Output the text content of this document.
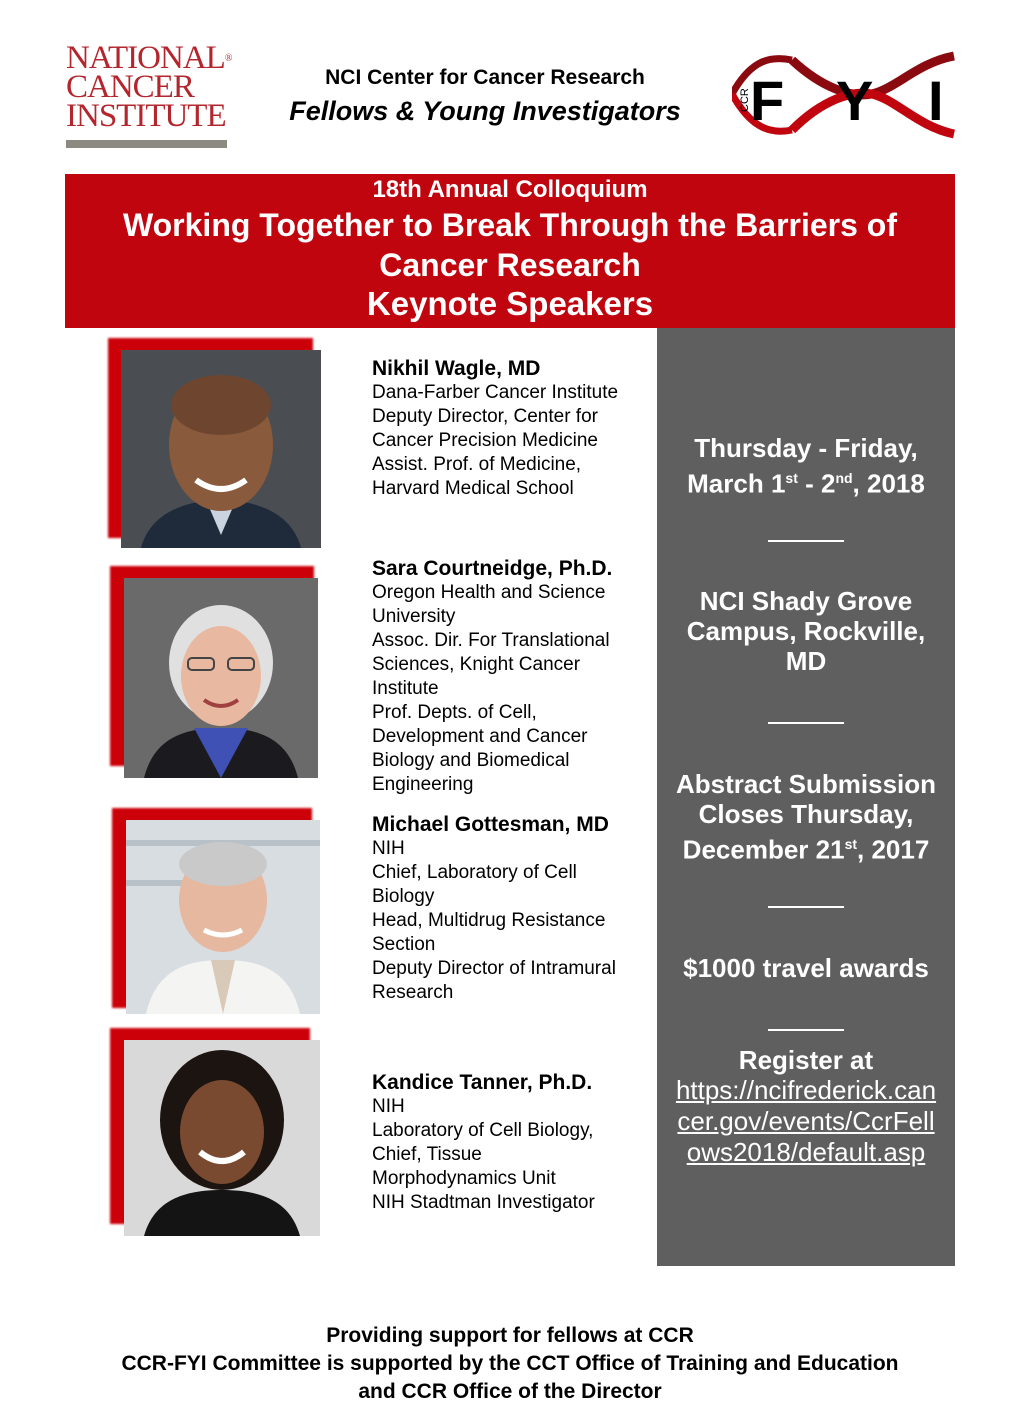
NATIONAL®
CANCER
INSTITUTE
NCI Center for Cancer Research
Fellows & Young Investigators	CCR F Y I
18th Annual Colloquium
Working Together to Break Through the Barriers of Cancer Research
Keynote Speakers
Nikhil Wagle, MD
Dana-Farber Cancer Institute
Deputy Director, Center for
Cancer Precision Medicine
Assist. Prof. of Medicine,
Harvard Medical School
Sara Courtneidge, Ph.D.
Oregon Health and Science
University
Assoc. Dir. For Translational
Sciences, Knight Cancer
Institute
Prof. Depts. of Cell,
Development and Cancer
Biology and Biomedical
Engineering
Michael Gottesman, MD
NIH
Chief, Laboratory of Cell
Biology
Head, Multidrug Resistance
Section
Deputy Director of Intramural
Research
Kandice Tanner, Ph.D.
NIH
Laboratory of Cell Biology,
Chief, Tissue
Morphodynamics Unit
NIH Stadtman Investigator
Thursday - Friday,
March 1st - 2nd, 2018
NCI Shady Grove Campus, Rockville, MD
Abstract Submission
Closes Thursday,
December 21st, 2017
$1000 travel awards
Register at
https://ncifrederick.cancer.gov/events/CcrFellows2018/default.asp
Providing support for fellows at CCR
CCR-FYI Committee is supported by the CCT Office of Training and Education
and CCR Office of the Director
